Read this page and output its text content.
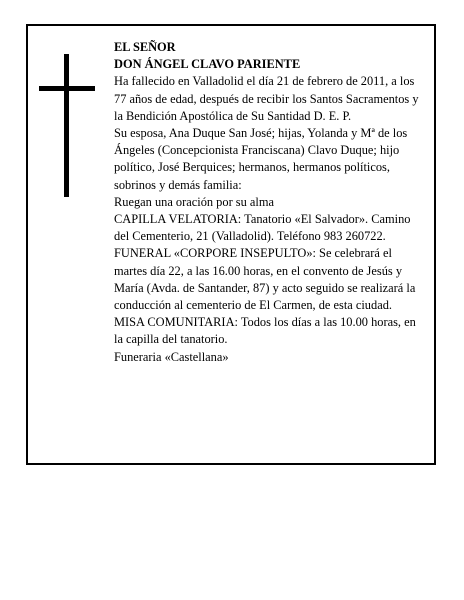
EL SEÑOR

DON ÁNGEL CLAVO PARIENTE

Ha fallecido en Valladolid el día 21 de febrero de 2011, a los 77 años de edad, después de recibir los Santos Sacramentos y la Bendición Apostólica de Su Santidad D. E. P.

Su esposa, Ana Duque San José; hijas, Yolanda y Mª de los Ángeles (Concepcionista Franciscana) Clavo Duque; hijo político, José Berquices; hermanos, hermanos políticos, sobrinos y demás familia:

Ruegan una oración por su alma

CAPILLA VELATORIA: Tanatorio «El Salvador». Camino del Cementerio, 21 (Valladolid). Teléfono 983 260722.

FUNERAL «CORPORE INSEPULTO»: Se celebrará el martes día 22, a las 16.00 horas, en el convento de Jesús y María (Avda. de Santander, 87) y acto seguido se realizará la conducción al cementerio de El Carmen, de esta ciudad.

MISA COMUNITARIA: Todos los días a las 10.00 horas, en la capilla del tanatorio.

Funeraria «Castellana»
